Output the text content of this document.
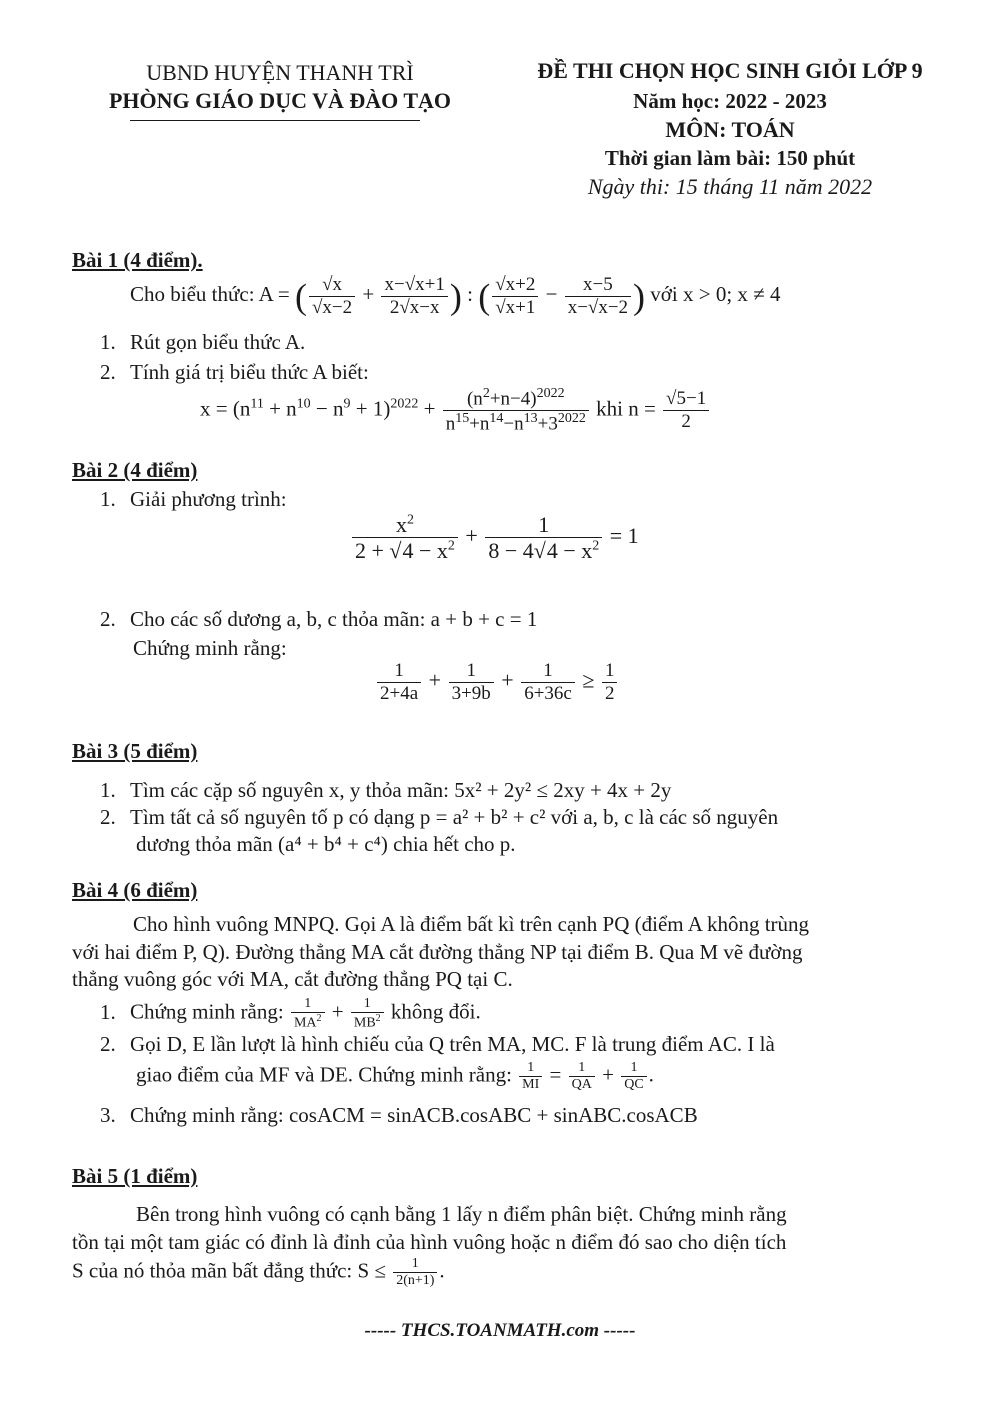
UBND HUYỆN THANH TRÌ

PHÒNG GIÁO DỤC VÀ ĐÀO TẠO

ĐỀ THI CHỌN HỌC SINH GIỎI LỚP 9

Năm học: 2022 - 2023

MÔN: TOÁN

Thời gian làm bài: 150 phút

Ngày thi: 15 tháng 11 năm 2022

Bài 1 (4 điểm).

Cho biểu thức: A = ( $\frac{√x}{√x-2} + \frac{x-√x+1}{2√x-x}$ ) : ( $\frac{√x+2}{√x+1} - \frac{x-5}{x-√x-2}$ ) với x > 0; x ≠ 4

1. Rút gọn biểu thức A.

2. Tính giá trị biểu thức A biết:

$x = (n^{11} + n^{10} - n^9 + 1)^{2022} + \frac{(n^2+n-4)^{2022}}{n^{15}+n^{14}-n^{13}+3^{2022}}$ khi $n = \frac{√5-1}{2}$

Bài 2 (4 điểm)

1. Giải phương trình:

$\frac{x^2}{2 + √4 - x^2} + \frac{1}{8 - 4√4 - x^2} = 1$

2. Cho các số dương a, b, c thỏa mãn: a + b + c = 1

Chứng minh rằng:

$\frac{1}{2+4a} + \frac{1}{3+9b} + \frac{1}{6+36c} \ge \frac{1}{2}$

Bài 3 (5 điểm)

1. Tìm các cặp số nguyên x, y thỏa mãn: 5x² + 2y² ≤ 2xy + 4x + 2y

2. Tìm tất cả số nguyên tố p có dạng p = a² + b² + c² với a, b, c là các số nguyên

dương thỏa mãn (a⁴ + b⁴ + c⁴) chia hết cho p.

Bài 4 (6 điểm)

Cho hình vuông MNPQ. Gọi A là điểm bất kì trên cạnh PQ (điểm A không trùng

với hai điểm P, Q). Đường thẳng MA cắt đường thẳng NP tại điểm B. Qua M vẽ đường

thẳng vuông góc với MA, cắt đường thẳng PQ tại C.

1. Chứng minh rằng: $\frac{1}{MA^2} + \frac{1}{MB^2}$ không đổi.

2. Gọi D, E lần lượt là hình chiếu của Q trên MA, MC. F là trung điểm AC. I là

giao điểm của MF và DE. Chứng minh rằng: $\frac{1}{MI} = \frac{1}{QA} + \frac{1}{QC}$ .

3. Chứng minh rằng: cosACM = sinACB.cosABC + sinABC.cosACB

Bài 5 (1 điểm)

Bên trong hình vuông có cạnh bằng 1 lấy n điểm phân biệt. Chứng minh rằng

tồn tại một tam giác có đỉnh là đỉnh của hình vuông hoặc n điểm đó sao cho diện tích

S của nó thỏa mãn bất đẳng thức: $S \le \frac{1}{2(n+1)}$ .

----- THCS.TOANMATH.com -----
